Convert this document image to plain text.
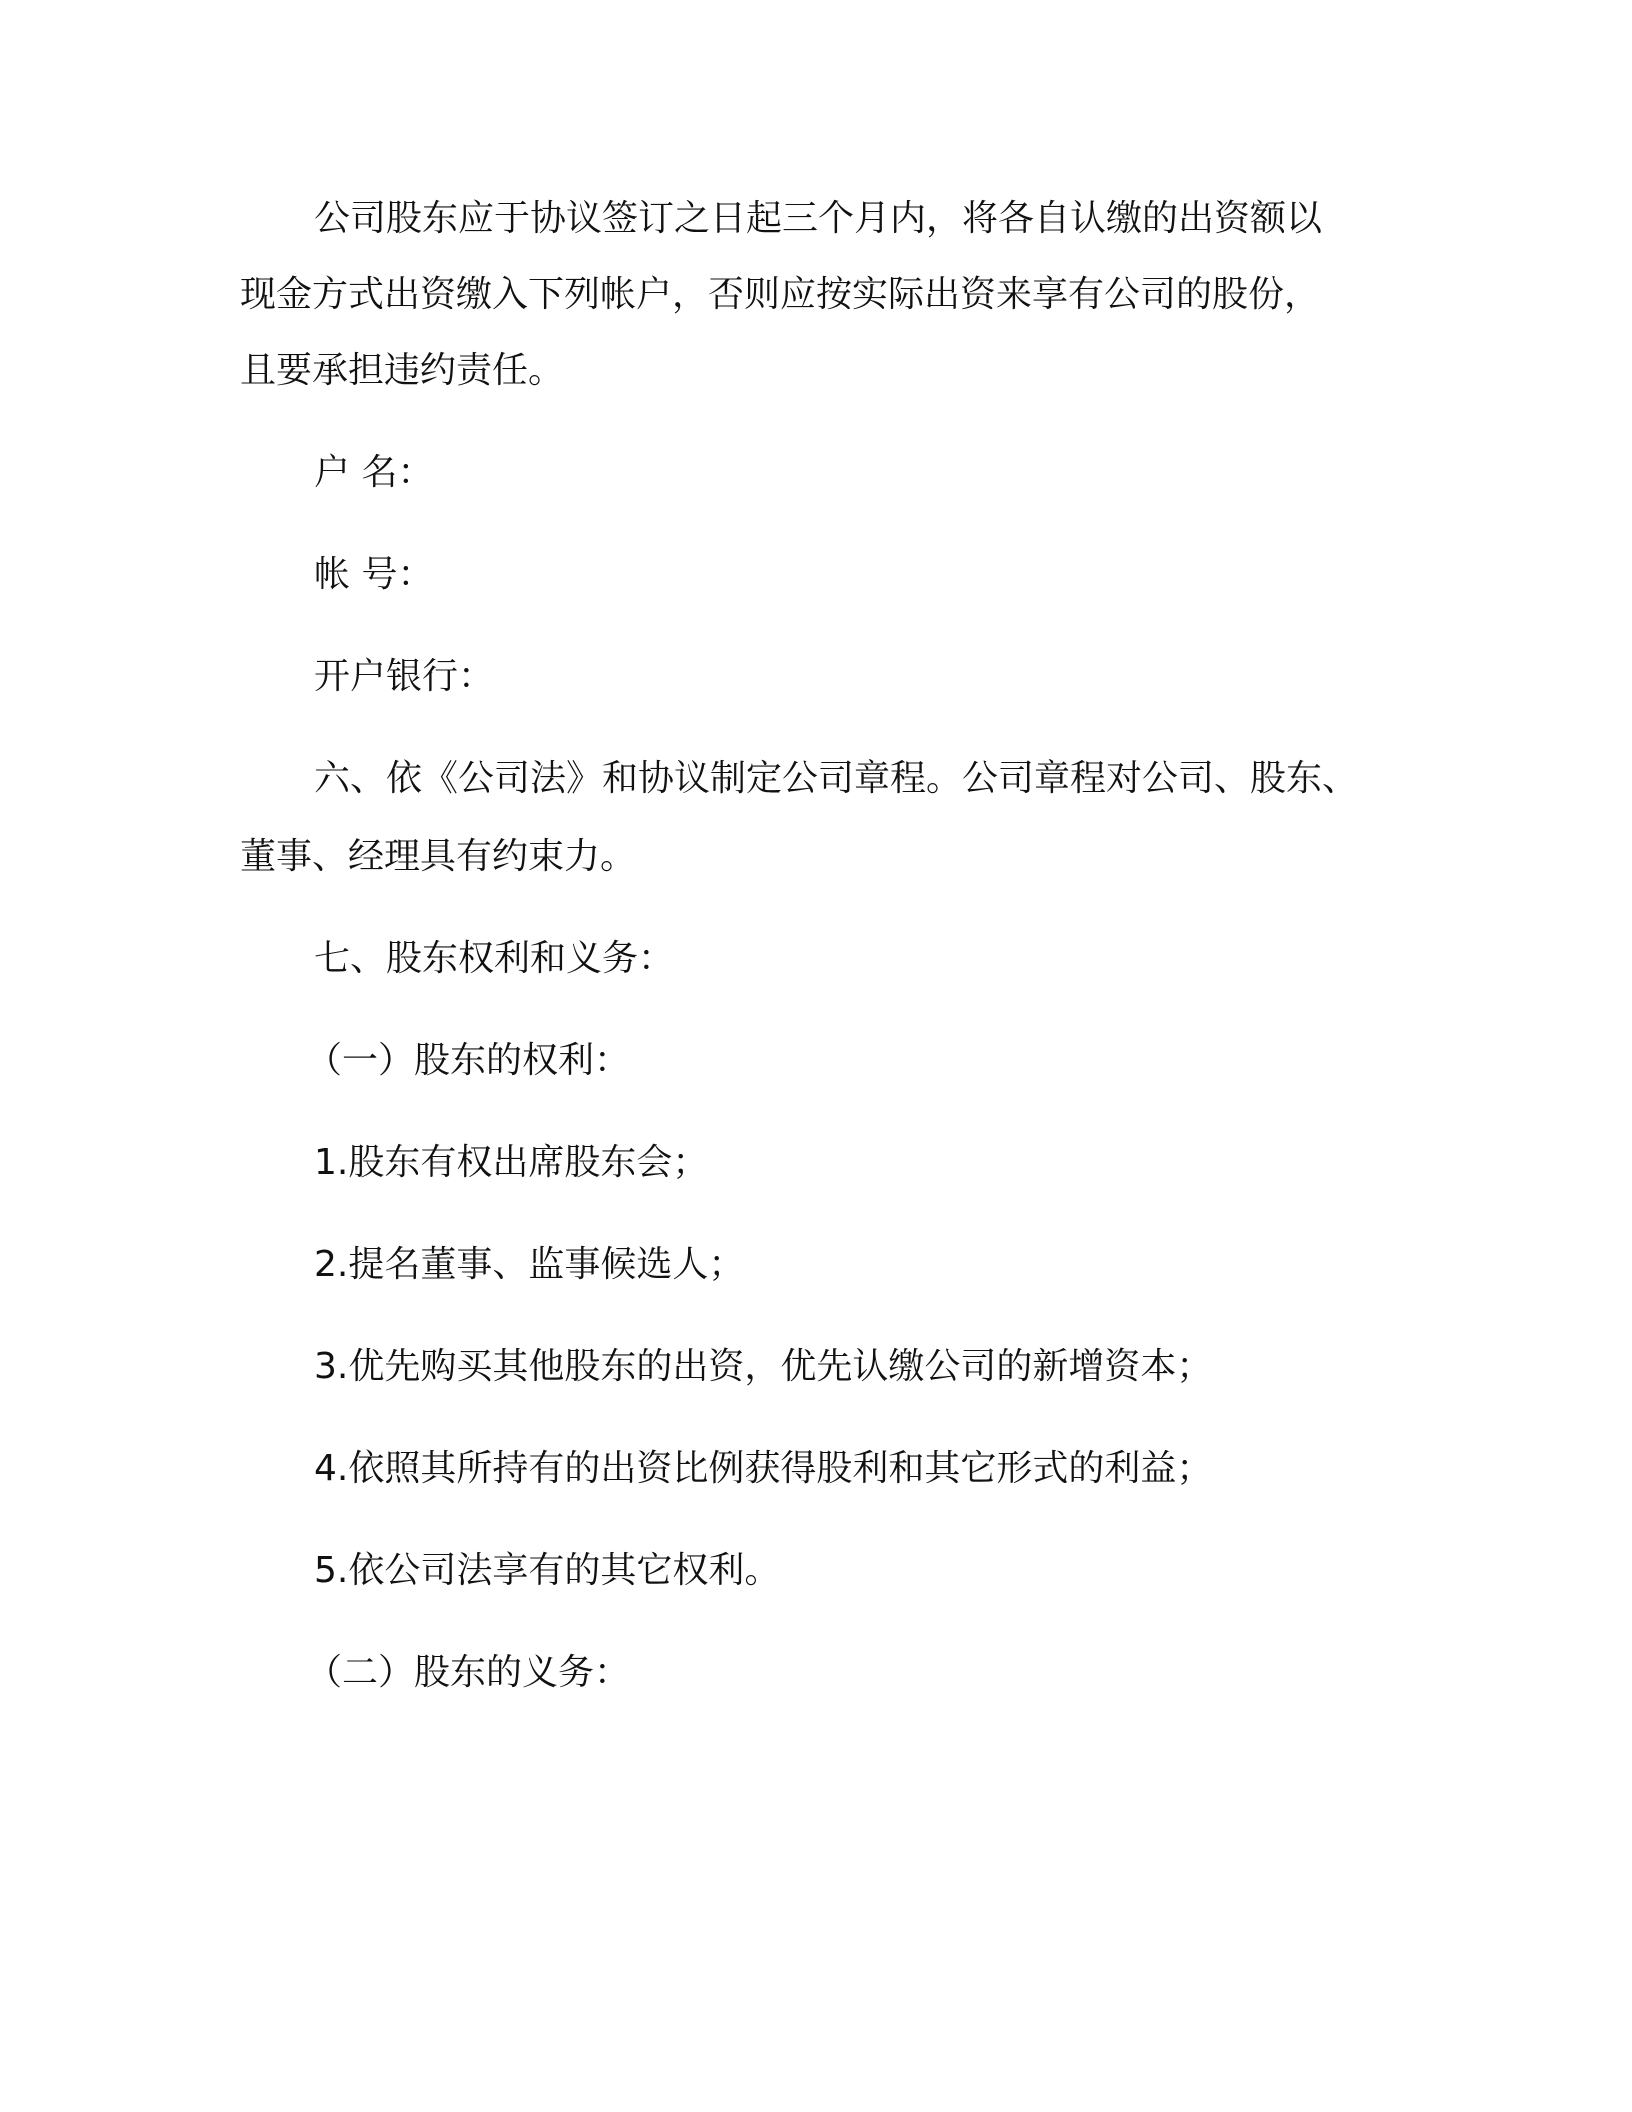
公司股东应于协议签订之日起三个月内，将各自认缴的出资额以
现金方式出资缴入下列帐户，否则应按实际出资来享有公司的股份，
且要承担违约责任。
户 名：
帐 号：
开户银行：
六、依《公司法》和协议制定公司章程。公司章程对公司、股东、
董事、经理具有约束力。
七、股东权利和义务：
（一）股东的权利：
1.股东有权出席股东会；
2.提名董事、监事候选人；
3.优先购买其他股东的出资，优先认缴公司的新增资本；
4.依照其所持有的出资比例获得股利和其它形式的利益；
5.依公司法享有的其它权利。
（二）股东的义务：
